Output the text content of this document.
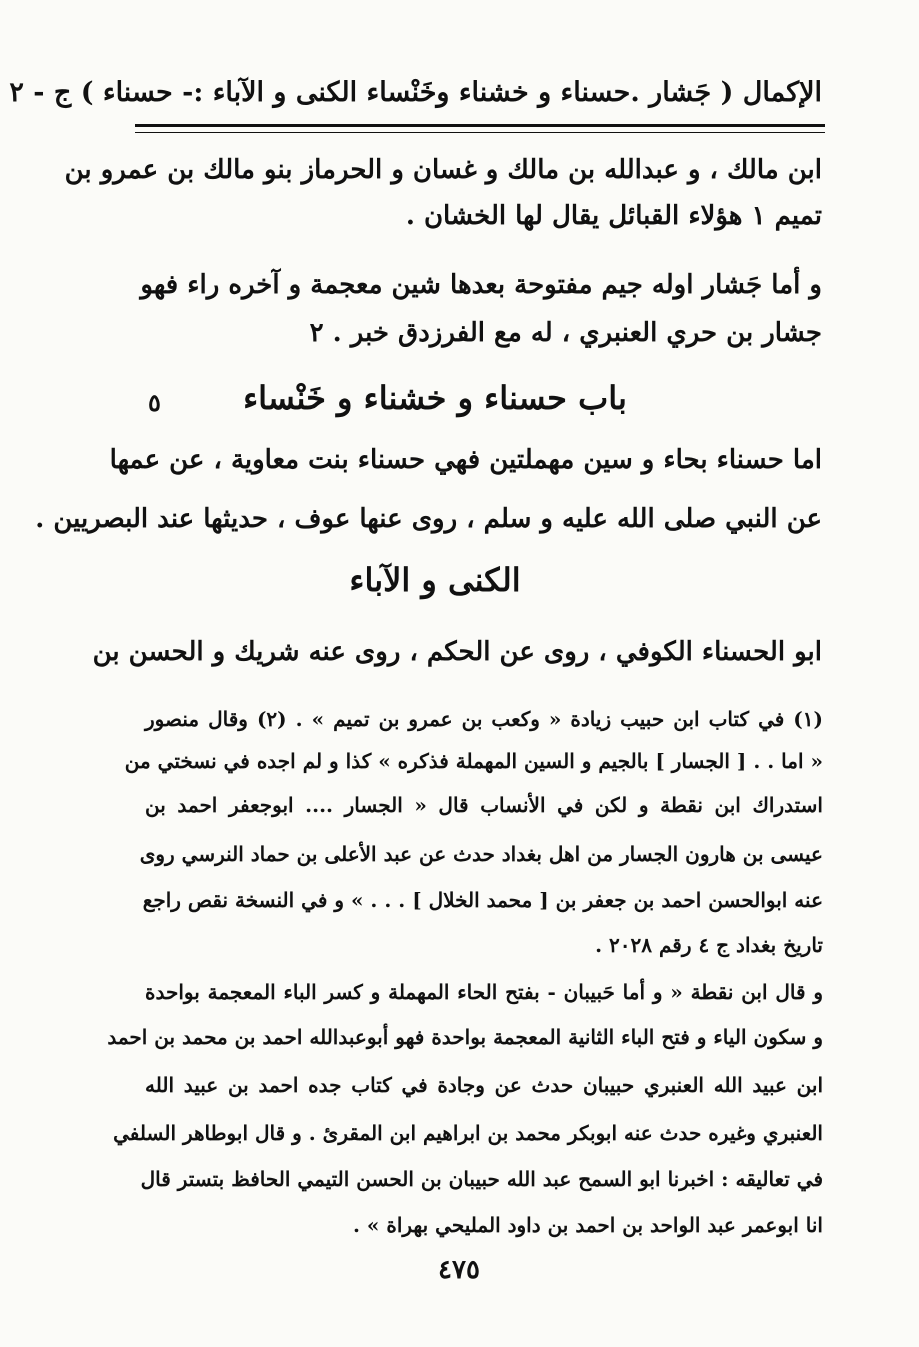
الإكمال ( جَشار .حسناء و خشناء وخَنْساء الكنى و الآباء :- حسناء ) ج - ٢
ابن مالك ، و عبدالله بن مالك و غسان و الحرماز بنو مالك بن عمرو بن
تميم ١ هؤلاء القبائل يقال لها الخشان .
و أما جَشار اوله جيم مفتوحة بعدها شين معجمة و آخره راء فهو
جشار بن حري العنبري ، له مع الفرزدق خبر . ٢
باب حسناء و خشناء و خَنْساء
٥
اما حسناء بحاء و سين مهملتين فهي حسناء بنت معاوية ، عن عمها
عن النبي صلى الله عليه و سلم ، روى عنها عوف ، حديثها عند البصريين .
الكنى و الآباء
ابو الحسناء الكوفي ، روى عن الحكم ، روى عنه شريك و الحسن بن
(١) في كتاب ابن حبيب زيادة « وكعب بن عمرو بن تميم » . (٢) وقال منصور
« اما . . [ الجسار ] بالجيم و السين المهملة فذكره » كذا و لم اجده في نسختي من
استدراك ابن نقطة و لكن في الأنساب قال « الجسار .... ابوجعفر احمد بن
عيسى بن هارون الجسار من اهل بغداد حدث عن عبد الأعلى بن حماد النرسي روى
عنه ابوالحسن احمد بن جعفر بن [ محمد الخلال ] . . . » و في النسخة نقص راجع
تاريخ بغداد ج ٤ رقم ٢٠٢٨ .
و قال ابن نقطة « و أما حَبيبان - بفتح الحاء المهملة و كسر الباء المعجمة بواحدة
و سكون الياء و فتح الباء الثانية المعجمة بواحدة فهو أبوعبدالله احمد بن محمد بن احمد
ابن عبيد الله العنبري حبيبان حدث عن وجادة في كتاب جده احمد بن عبيد الله
العنبري وغيره حدث عنه ابوبكر محمد بن ابراهيم ابن المقرئ . و قال ابوطاهر السلفي
في تعاليقه : اخبرنا ابو السمح عبد الله حبيبان بن الحسن التيمي الحافظ بتستر قال
انا ابوعمر عبد الواحد بن احمد بن داود المليحي بهراة » .
٤٧٥
